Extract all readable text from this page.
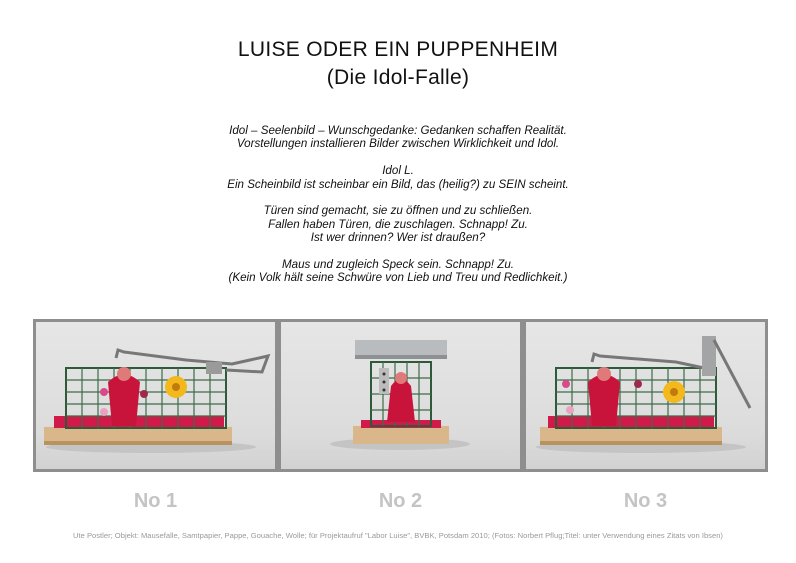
LUISE ODER EIN PUPPENHEIM
(Die Idol-Falle)
Idol – Seelenbild – Wunschgedanke: Gedanken schaffen Realität.
Vorstellungen installieren Bilder zwischen Wirklichkeit und Idol.
Idol L.
Ein Scheinbild ist scheinbar ein Bild, das (heilig?) zu SEIN scheint.
Türen sind gemacht, sie zu öffnen und zu schließen.
Fallen haben Türen, die zuschlagen. Schnapp! Zu.
Ist wer drinnen? Wer ist draußen?
Maus und zugleich Speck sein. Schnapp! Zu.
(Kein Volk hält seine Schwüre von Lieb und Treu und Redlichkeit.)
No 1	No 2	No 3
Ute Postler; Objekt: Mausefalle, Samtpapier, Pappe, Gouache, Wolle; für Projektaufruf "Labor Luise", BVBK, Potsdam 2010; (Fotos: Norbert Pflug;Titel: unter Verwendung eines Zitats von Ibsen)
